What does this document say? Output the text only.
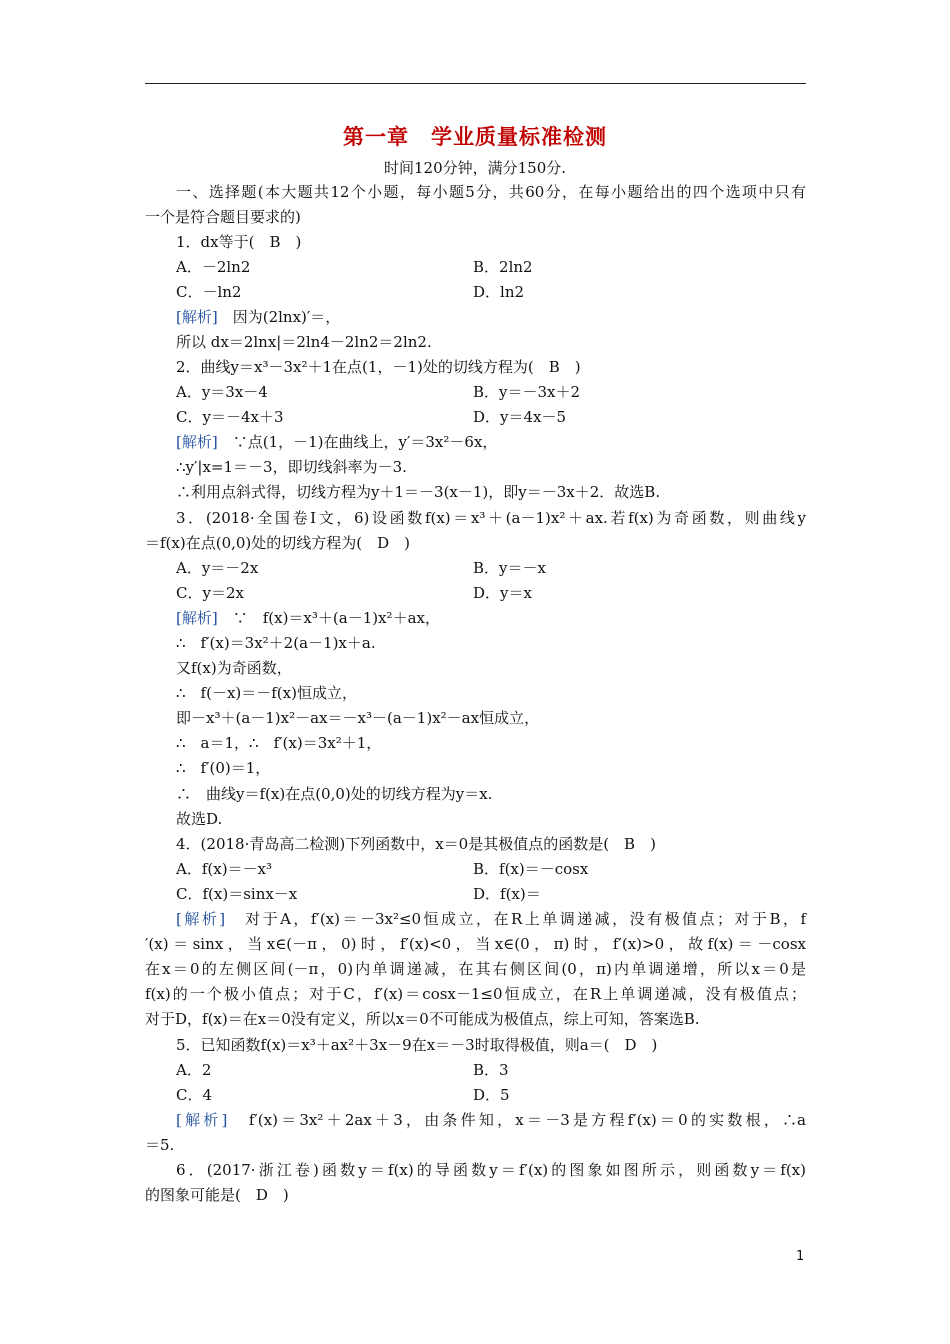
第一章　学业质量标准检测
时间120分钟，满分150分.
一、选择题(本大题共12个小题，每小题5分，共60分，在每小题给出的四个选项中只有
一个是符合题目要求的)
1．dx等于(　B　)
A．－2ln2	B．2ln2
C．－ln2	D．ln2
[解析]　因为(2lnx)′＝，
所以 dx＝2lnx|＝2ln4－2ln2＝2ln2.
2．曲线y＝x³－3x²＋1在点(1，－1)处的切线方程为(　B　)
A．y＝3x－4	B．y＝－3x＋2
C．y＝－4x＋3	D．y＝4x－5
[解析]　∵点(1，－1)在曲线上，y′＝3x²－6x，
∴y′|x=1＝－3，即切线斜率为－3.
∴利用点斜式得，切线方程为y＋1＝－3(x－1)，即y＝－3x＋2．故选B.
3．(2018·全国卷Ⅰ文，6)设函数f(x)＝x³＋(a－1)x²＋ax.若f(x)为奇函数，则曲线y
＝f(x)在点(0,0)处的切线方程为(　D　)
A．y＝－2x	B．y＝－x
C．y＝2x	D．y＝x
[解析]　∵　f(x)＝x³＋(a－1)x²＋ax，
∴　f′(x)＝3x²＋2(a－1)x＋a.
又f(x)为奇函数，
∴　f(－x)＝－f(x)恒成立，
即－x³＋(a－1)x²－ax＝－x³－(a－1)x²－ax恒成立，
∴　a＝1，∴　f′(x)＝3x²＋1，
∴　f′(0)＝1，
∴　曲线y＝f(x)在点(0,0)处的切线方程为y＝x.
故选D.
4．(2018·青岛高二检测)下列函数中，x＝0是其极值点的函数是(　B　)
A．f(x)＝－x³	B．f(x)＝－cosx
C．f(x)＝sinx－x	D．f(x)＝
[解析]　对于A，f′(x)＝－3x²≤0恒成立，在R上单调递减，没有极值点；对于B，f
′(x)＝sinx，当x∈(－π，0)时，f′(x)<0，当x∈(0，π)时，f′(x)>0，故f(x)＝－cosx
在x＝0的左侧区间(－π，0)内单调递减，在其右侧区间(0，π)内单调递增，所以x＝0是
f(x)的一个极小值点；对于C，f′(x)＝cosx－1≤0恒成立，在R上单调递减，没有极值点；
对于D，f(x)＝在x＝0没有定义，所以x＝0不可能成为极值点，综上可知，答案选B.
5．已知函数f(x)＝x³＋ax²＋3x－9在x＝－3时取得极值，则a＝(　D　)
A．2	B．3
C．4	D．5
[解析]　f′(x)＝3x²＋2ax＋3，由条件知，x＝－3是方程f′(x)＝0的实数根，∴a
＝5.
6．(2017·浙江卷)函数y＝f(x)的导函数y＝f′(x)的图象如图所示，则函数y＝f(x)
的图象可能是(　D　)
1
